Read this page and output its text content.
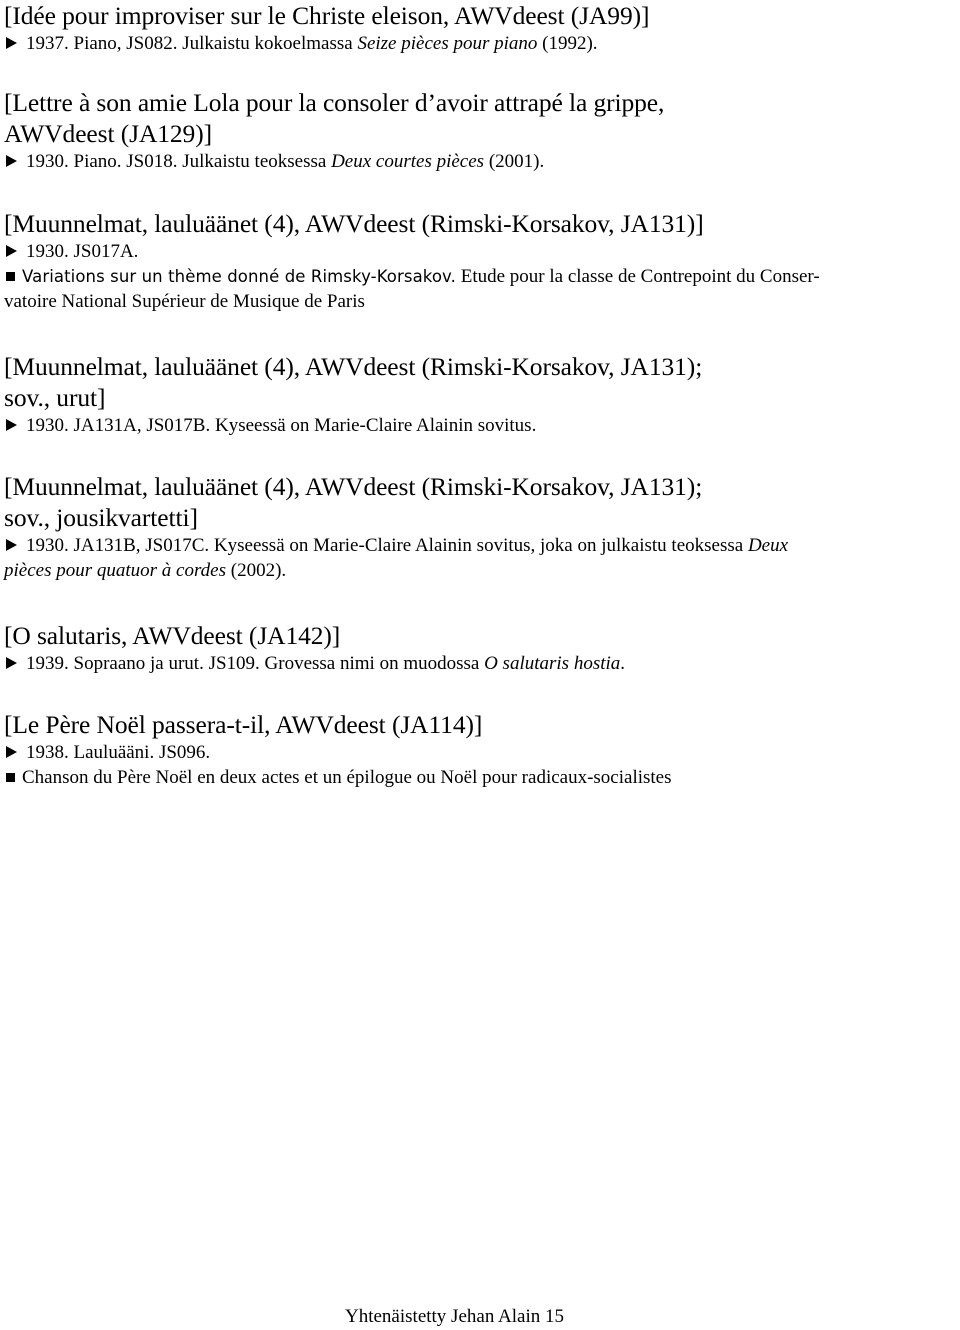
[Idée pour improviser sur le Christe eleison, AWVdeest (JA99)]
1937. Piano, JS082. Julkaistu kokoelmassa Seize pièces pour piano (1992).
[Lettre à son amie Lola pour la consoler d’avoir attrapé la grippe,
AWVdeest (JA129)]
1930. Piano. JS018. Julkaistu teoksessa Deux courtes pièces (2001).
[Muunnelmat, lauluäänet (4), AWVdeest (Rimski-Korsakov, JA131)]
1930. JS017A.
Variations sur un thème donné de Rimsky-Korsakov. Etude pour la classe de Contrepoint du Conser-
vatoire National Supérieur de Musique de Paris
[Muunnelmat, lauluäänet (4), AWVdeest (Rimski-Korsakov, JA131);
sov., urut]
1930. JA131A, JS017B. Kyseessä on Marie-Claire Alainin sovitus.
[Muunnelmat, lauluäänet (4), AWVdeest (Rimski-Korsakov, JA131);
sov., jousikvartetti]
1930. JA131B, JS017C. Kyseessä on Marie-Claire Alainin sovitus, joka on julkaistu teoksessa Deux
pièces pour quatuor à cordes (2002).
[O salutaris, AWVdeest (JA142)]
1939. Sopraano ja urut. JS109. Grovessa nimi on muodossa O salutaris hostia.
[Le Père Noël passera-t-il, AWVdeest (JA114)]
1938. Lauluääni. JS096.
Chanson du Père Noël en deux actes et un épilogue ou Noël pour radicaux-socialistes
Yhtenäistetty Jehan Alain 15
